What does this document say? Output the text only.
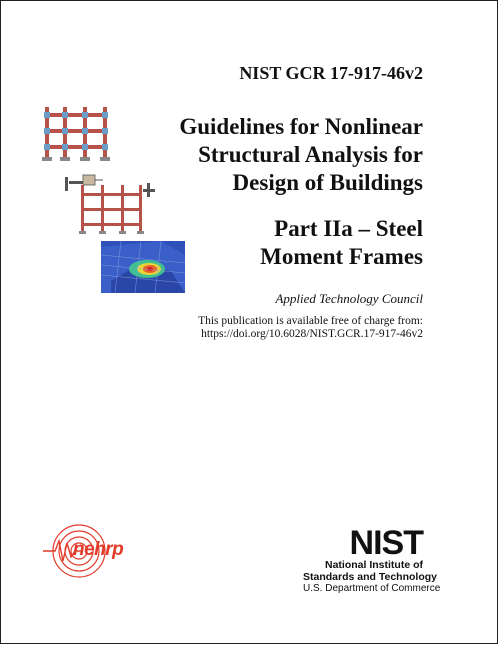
NIST GCR 17-917-46v2
Guidelines for Nonlinear
Structural Analysis for
Design of Buildings
Part IIa – Steel
Moment Frames
Applied Technology Council
This publication is available free of charge from:
https://doi.org/10.6028/NIST.GCR.17-917-46v2
nehrp	NIST
National Institute of
Standards and Technology
U.S. Department of Commerce
